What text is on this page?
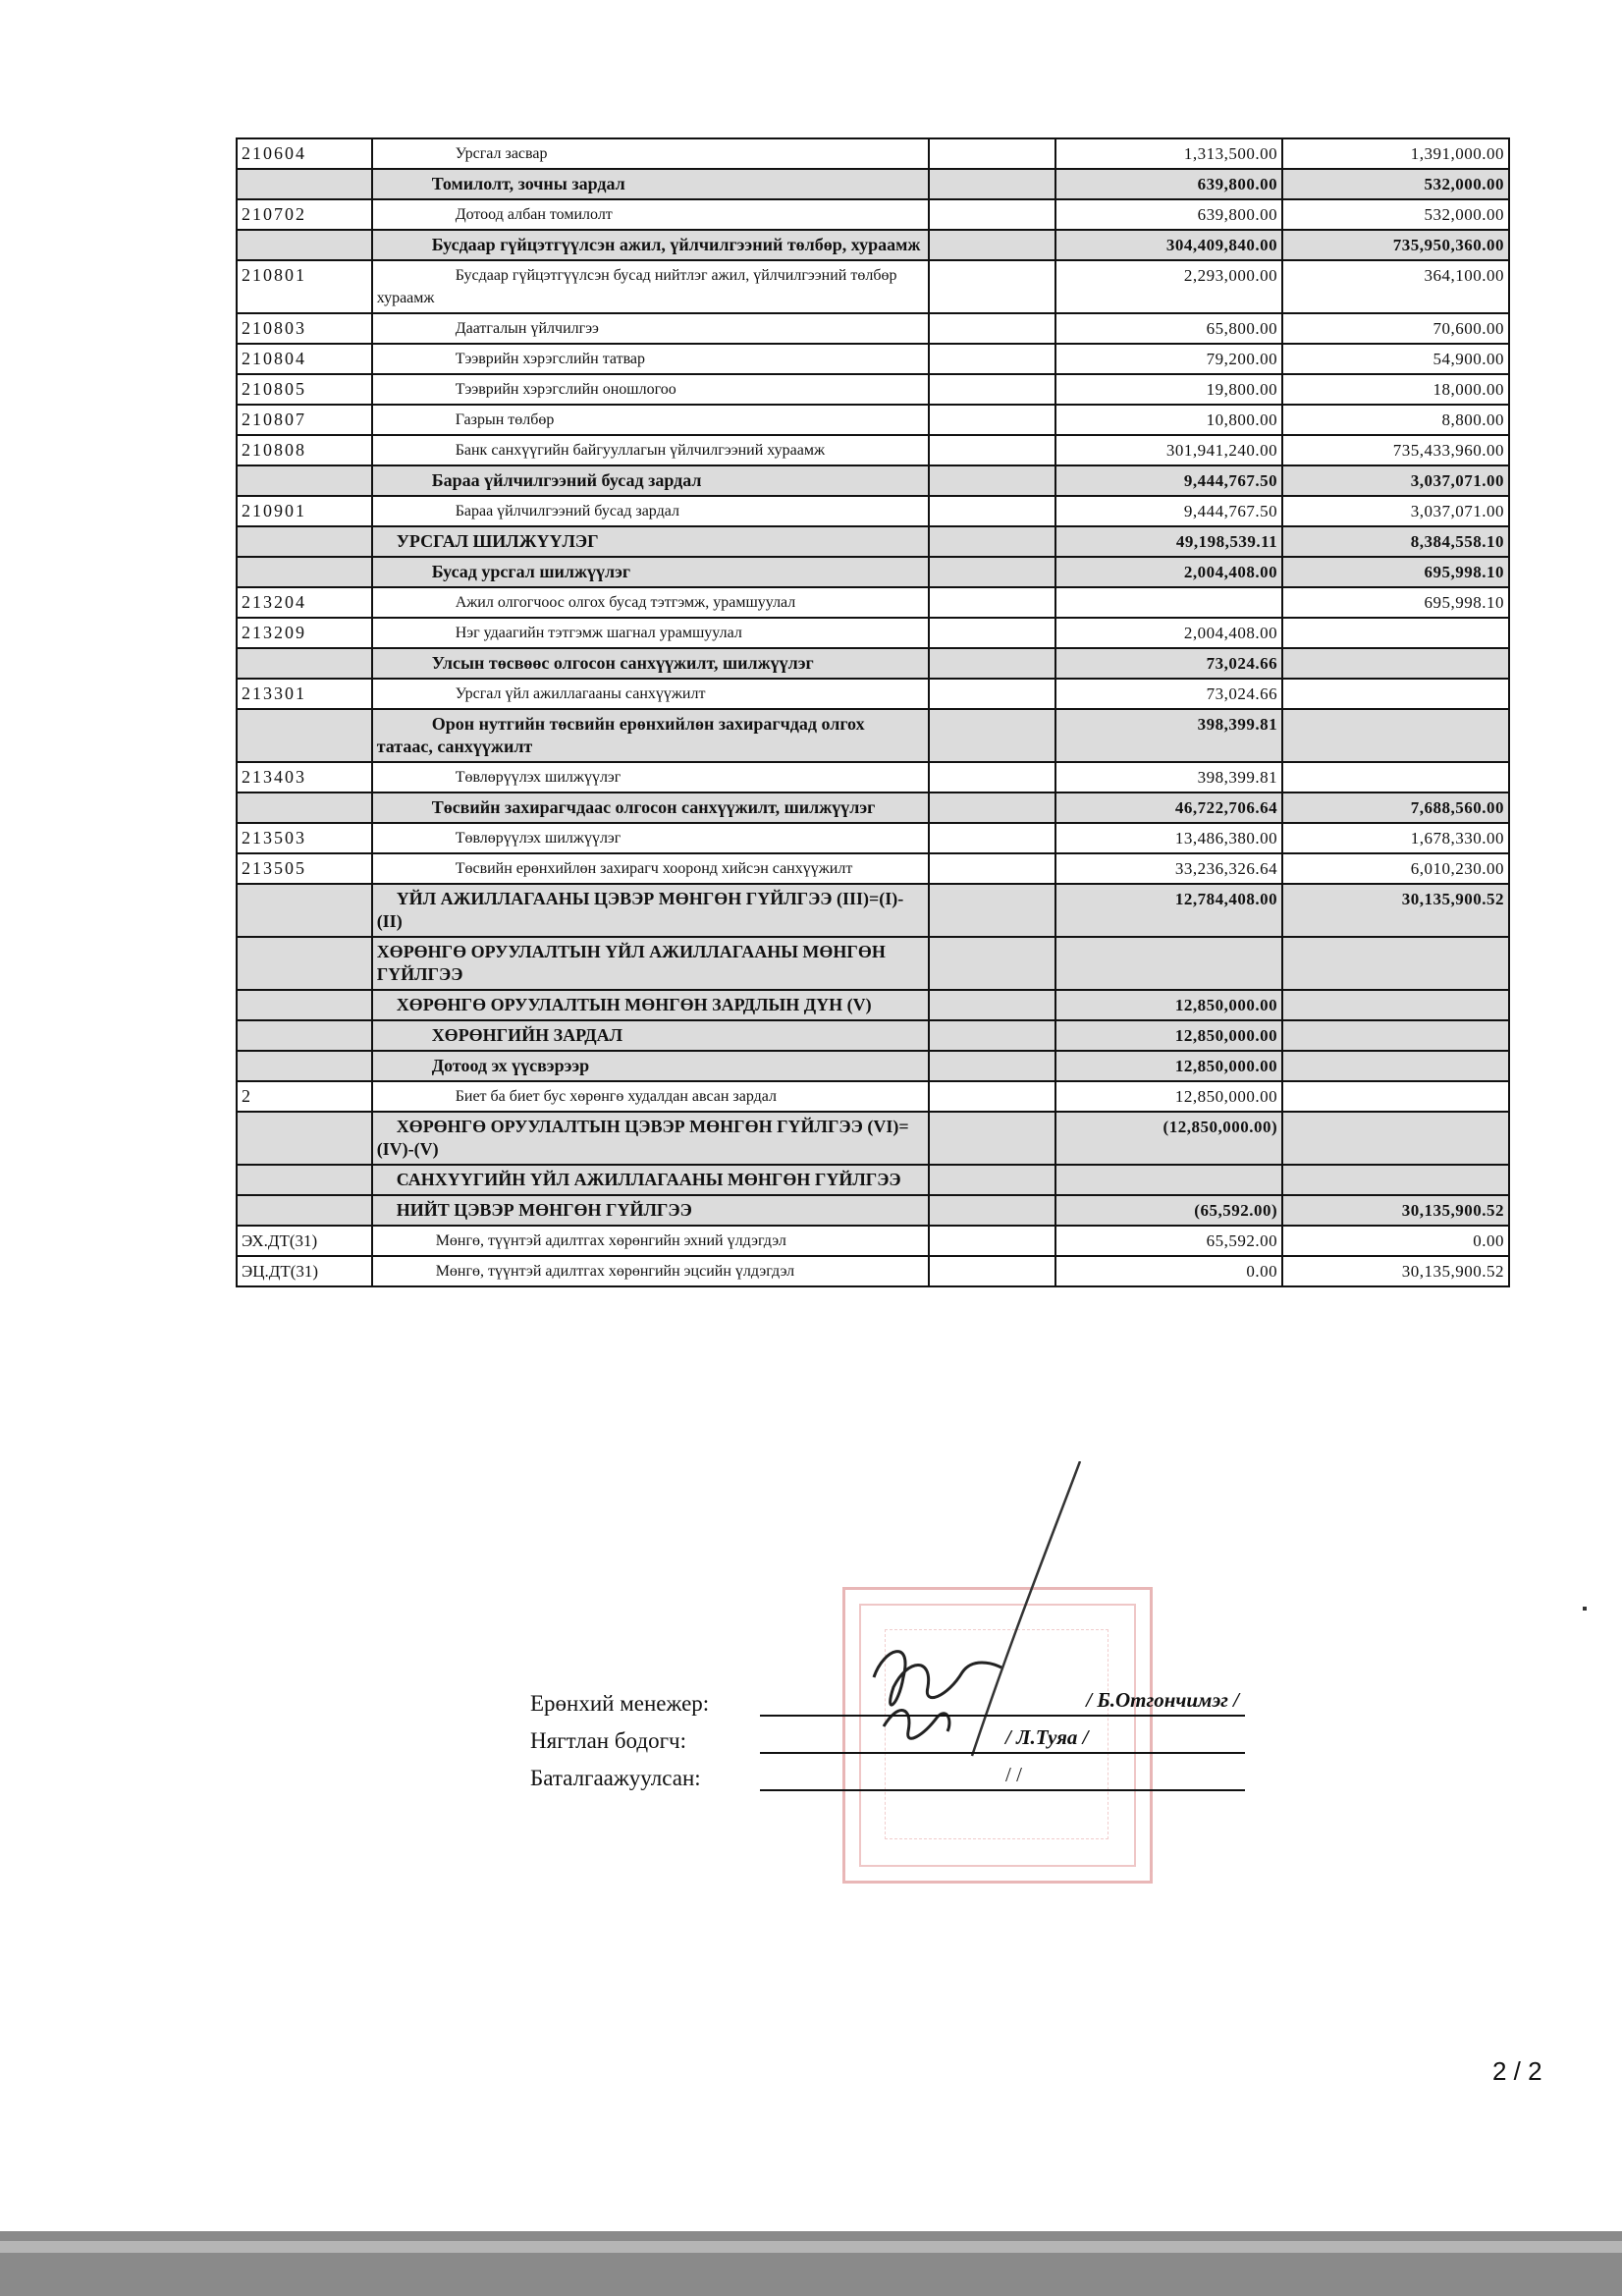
210604	Урсгал засвар		1,313,500.00	1,391,000.00
	Томилолт, зочны зардал		639,800.00	532,000.00
210702	Дотоод албан томилолт		639,800.00	532,000.00
	Бусдаар гүйцэтгүүлсэн ажил, үйлчилгээний төлбөр, хураамж		304,409,840.00	735,950,360.00
210801	Бусдаар гүйцэтгүүлсэн бусад нийтлэг ажил, үйлчилгээний төлбөр хураамж		2,293,000.00	364,100.00
210803	Даатгалын үйлчилгээ		65,800.00	70,600.00
210804	Тээврийн хэрэгслийн татвар		79,200.00	54,900.00
210805	Тээврийн хэрэгслийн оношлогоо		19,800.00	18,000.00
210807	Газрын төлбөр		10,800.00	8,800.00
210808	Банк санхүүгийн байгууллагын үйлчилгээний хураамж		301,941,240.00	735,433,960.00
	Бараа үйлчилгээний бусад зардал		9,444,767.50	3,037,071.00
210901	Бараа үйлчилгээний бусад зардал		9,444,767.50	3,037,071.00
	УРСГАЛ ШИЛЖҮҮЛЭГ		49,198,539.11	8,384,558.10
	Бусад урсгал шилжүүлэг		2,004,408.00	695,998.10
213204	Ажил олгогчоос олгох бусад тэтгэмж, урамшуулал			695,998.10
213209	Нэг удаагийн тэтгэмж шагнал урамшуулал		2,004,408.00	
	Улсын төсвөөс олгосон санхүүжилт, шилжүүлэг		73,024.66	
213301	Урсгал үйл ажиллагааны санхүүжилт		73,024.66	
	Орон нутгийн төсвийн ерөнхийлөн захирагчдад олгох татаас, санхүүжилт		398,399.81	
213403	Төвлөрүүлэх шилжүүлэг		398,399.81	
	Төсвийн захирагчдаас олгосон санхүүжилт, шилжүүлэг		46,722,706.64	7,688,560.00
213503	Төвлөрүүлэх шилжүүлэг		13,486,380.00	1,678,330.00
213505	Төсвийн ерөнхийлөн захирагч хооронд хийсэн санхүүжилт		33,236,326.64	6,010,230.00
	ҮЙЛ АЖИЛЛАГААНЫ ЦЭВЭР МӨНГӨН ГҮЙЛГЭЭ (III)=(I)-(II)		12,784,408.00	30,135,900.52
	ХӨРӨНГӨ ОРУУЛАЛТЫН ҮЙЛ АЖИЛЛАГААНЫ МӨНГӨН ГҮЙЛГЭЭ			
	ХӨРӨНГӨ ОРУУЛАЛТЫН МӨНГӨН ЗАРДЛЫН ДҮН (V)		12,850,000.00	
	ХӨРӨНГИЙН ЗАРДАЛ		12,850,000.00	
	Дотоод эх үүсвэрээр		12,850,000.00	
2	Биет ба биет бус хөрөнгө худалдан авсан зардал		12,850,000.00	
	ХӨРӨНГӨ ОРУУЛАЛТЫН ЦЭВЭР МӨНГӨН ГҮЙЛГЭЭ (VI)=(IV)-(V)		(12,850,000.00)	
	САНХҮҮГИЙН ҮЙЛ АЖИЛЛАГААНЫ МӨНГӨН ГҮЙЛГЭЭ			
	НИЙТ ЦЭВЭР МӨНГӨН ГҮЙЛГЭЭ		(65,592.00)	30,135,900.52
ЭХ.ДТ(31)	Мөнгө, түүнтэй адилтгах хөрөнгийн эхний үлдэгдэл		65,592.00	0.00
ЭЦ.ДТ(31)	Мөнгө, түүнтэй адилтгах хөрөнгийн эцсийн үлдэгдэл		0.00	30,135,900.52
Ерөнхий менежер:	/ Б.Отгончимэг /
Нягтлан бодогч:	/ Л.Туяа /
Баталгаажуулсан:	/ /
2 / 2
